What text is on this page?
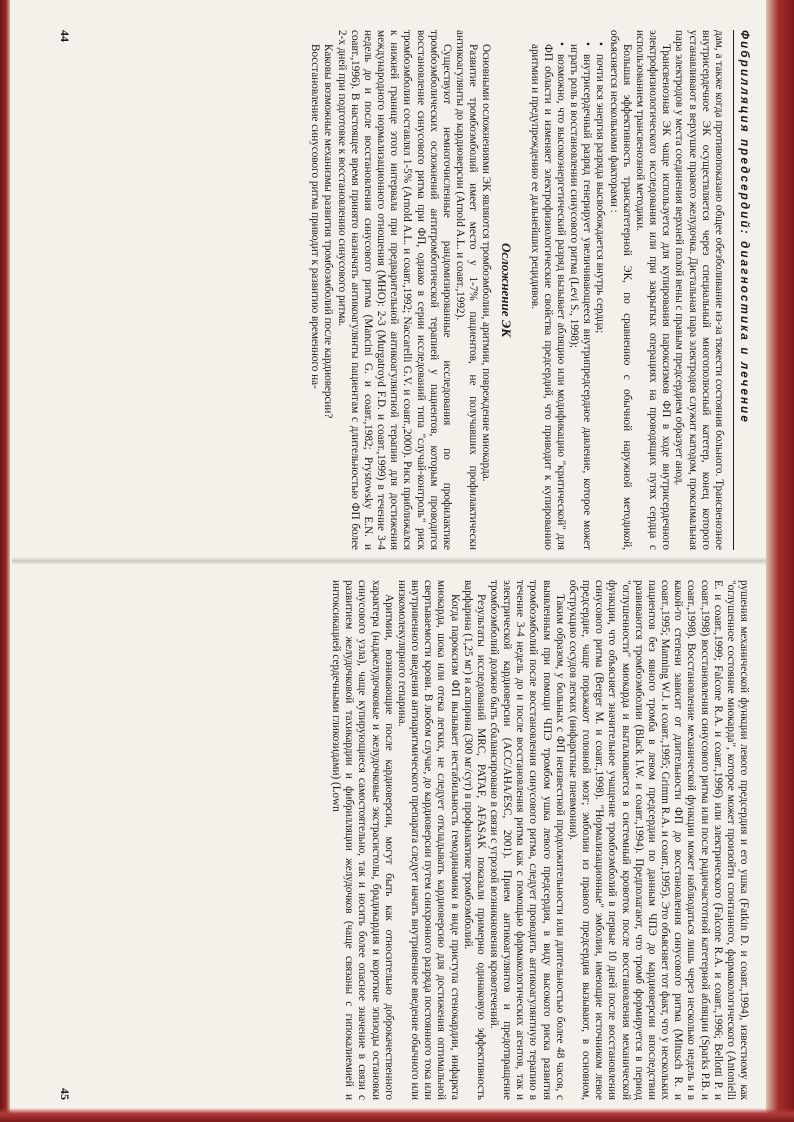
Фибрилляция предсердий: диагностика и лечение

дам, а также когда противопоказано общее обезболивание из-за тяжести состояния больного. Трансвенозное внутрисердечное ЭК осуществляется через специальный многополюсный катетер, конец которого устанавливают в верхушке правого желудочка. Дистальная пара электродов служит катодом, проксимальная пара электродов у места соединения верхней полой вены с правым предсердием образует анод.

Трансвенозная ЭК чаще используется для купирования пароксизмов ФП в ходе внутрисердечного электрофизиологического исследования или при закрытых операциях на проводящих путях сердца с использованием трансвенозной методики.

Большая эффективность транскатетерной ЭК, по сравнению с обычной наружной методикой, объясняется несколькими факторами :

• почти вся энергия разряда высвобождается внутрь сердца;
• внутрисердечный разряд генерирует увеличивающееся внутрипредсердное давление, которое может играть роль в восстановлении синусового ритма (Levi S., 1998);
• возможно, что высокоэнергетический разряд вызывает абляцию или модификацию "критической" для ФП области и изменяет электрофизиологические свойства предсердий, что приводит к купированию аритмии и предупреждению ее дальнейших рецидивов.
Осложнение ЭК

Основными осложнениями ЭК являются тромбоэмболии, аритмии, повреждение миокарда.

Развитие тромбоэмболий имеет место у 1-7% пациентов, не получавших профилактически антикоагулянты до кардиоверсии (Arnold A.L. и соавт.,1992).

Существуют немногочисленные рандомизированные исследования по профилактике тромбоэмболических осложнений антитромботической терапией у пациентов, которым проводится восстановление синусового ритма при ФП, однако в серии исследований типа "случай-контроль" риск тромбоэмболии составлял 1-5% (Arnold A.L. и соавт.,1992; Naccarelli G.V. и соавт.,2000). Риск приближался к нижней границе этого интервала при предварительной антикоагулянтной терапии для достижения международного нормализационного отношения (МНО): 2-3 (Murgatroyd F.D. и соавт.,1999) в течение 3-4 недель до и после восстановления синусового ритма (Mancini G. и соавт.,1982; Prystowsky E.N. и соавт.,1996). В настоящее время принято назначать антикоагулянты пациентам с длительностью ФП более 2-х дней при подготовке к восстановлению синусового ритма.

Каковы возможные механизмы развития тромбоэмболий после кардиоверсии?

Восстановление синусового ритма приводит к развитию временного на-

44

рушения механической функции левого предсердия и его ушка (Fatkin D. и соавт.,1994), известному как "оглушенное состояние миокарда", которое может произойти спонтанного, фармакологического (Antonielli E. и соавт.,1999; Falcone R.A. и соавт.,1996) или электрического (Falcone R.A. и соавт.,1996; Bellotti P. и соавт.,1998) восстановления синусового ритма или после радиочастотной катетерной абляции (Sparks P.B. и соавт.,1998). Восстановление механической функции может наблюдаться лишь через несколько недель и в какой-то степени зависит от длительности ФП до восстановления синусового ритма (Mitusch R. и соавт.,1995; Manning W.J. и соавт.,1995; Grimm R.A. и соавт.,1995). Это объясняет тот факт, что у нескольких пациентов без явного тромба в левом предсердии по данным ЧПЭ до кардиоверсии впоследствии развиваются тромбоэмболии (Black I.W. и соавт.,1994). Предполагают, что тромб формируется в период "оглушенности" миокарда и выталкивается в системный кровоток после восстановления механической функции, что объясняет значительное учащение тромбоэмболий в первые 10 дней после восстановления синусового ритма (Berger M. и соавт.,1998). "Нормализационные" эмболии, имеющие источником левое предсердие, чаще поражают головной мозг; эмболии из правого предсердия вызывают, в основном, обструкцию сосудов легких (инфарктные пневмонии).

Таким образом, у больных с ФП неизвестной продолжительности или длительностью более 48 часов, с выявленным при помощи ЧПЭ тромбом ушка левого предсердия, в виду высокого риска развития тромбоэмболий после восстановления синусового ритма, следует проводить антикоагулянтную терапию в течение 3-4 недель до и после восстановления ритма как с помощью фармакологических агентов, так и электрической кардиоверсии (ACC/AHA/ESC, 2001). Прием антикоагулянтов и предотвращение тромбоэмболий должно быть сбалансировано в связи с угрозой возникновения кровотечений.

Результаты исследований MRC, PATAF, AFASAK показали примерно одинаковую эффективность варфарина (1,25 мг) и аспирина (300 мг/сут) в профилактике тромбоэмболий.

Когда пароксизм ФП вызывает нестабильность гемодинамики в виде приступа стенокардии, инфаркта миокарда, шока или отека легких, не следует откладывать кардиоверсию для достижения оптимальной свертываемости крови. В любом случае, до кардиоверсии путем синхронного разряда постоянного тока или внутривенного введения антиаритмического препарата следует начать внутривенное введение обычного или низкомолекулярного гепарина.

Аритмии, возникающие после кардиоверсии, могут быть как относительно доброкачественного характера (наджелудочковые и желудочковые экстрасистолы, брадикардия и короткие эпизоды остановки синусового узла), чаще купирующиеся самостоятельно, так и носить более опасное значение в связи с развитием желудочковой тахикардии и фибрилляции желудочков (чаще связаны с гипокалиемией и интоксикацией сердечными гликозидами) (Lown

45
